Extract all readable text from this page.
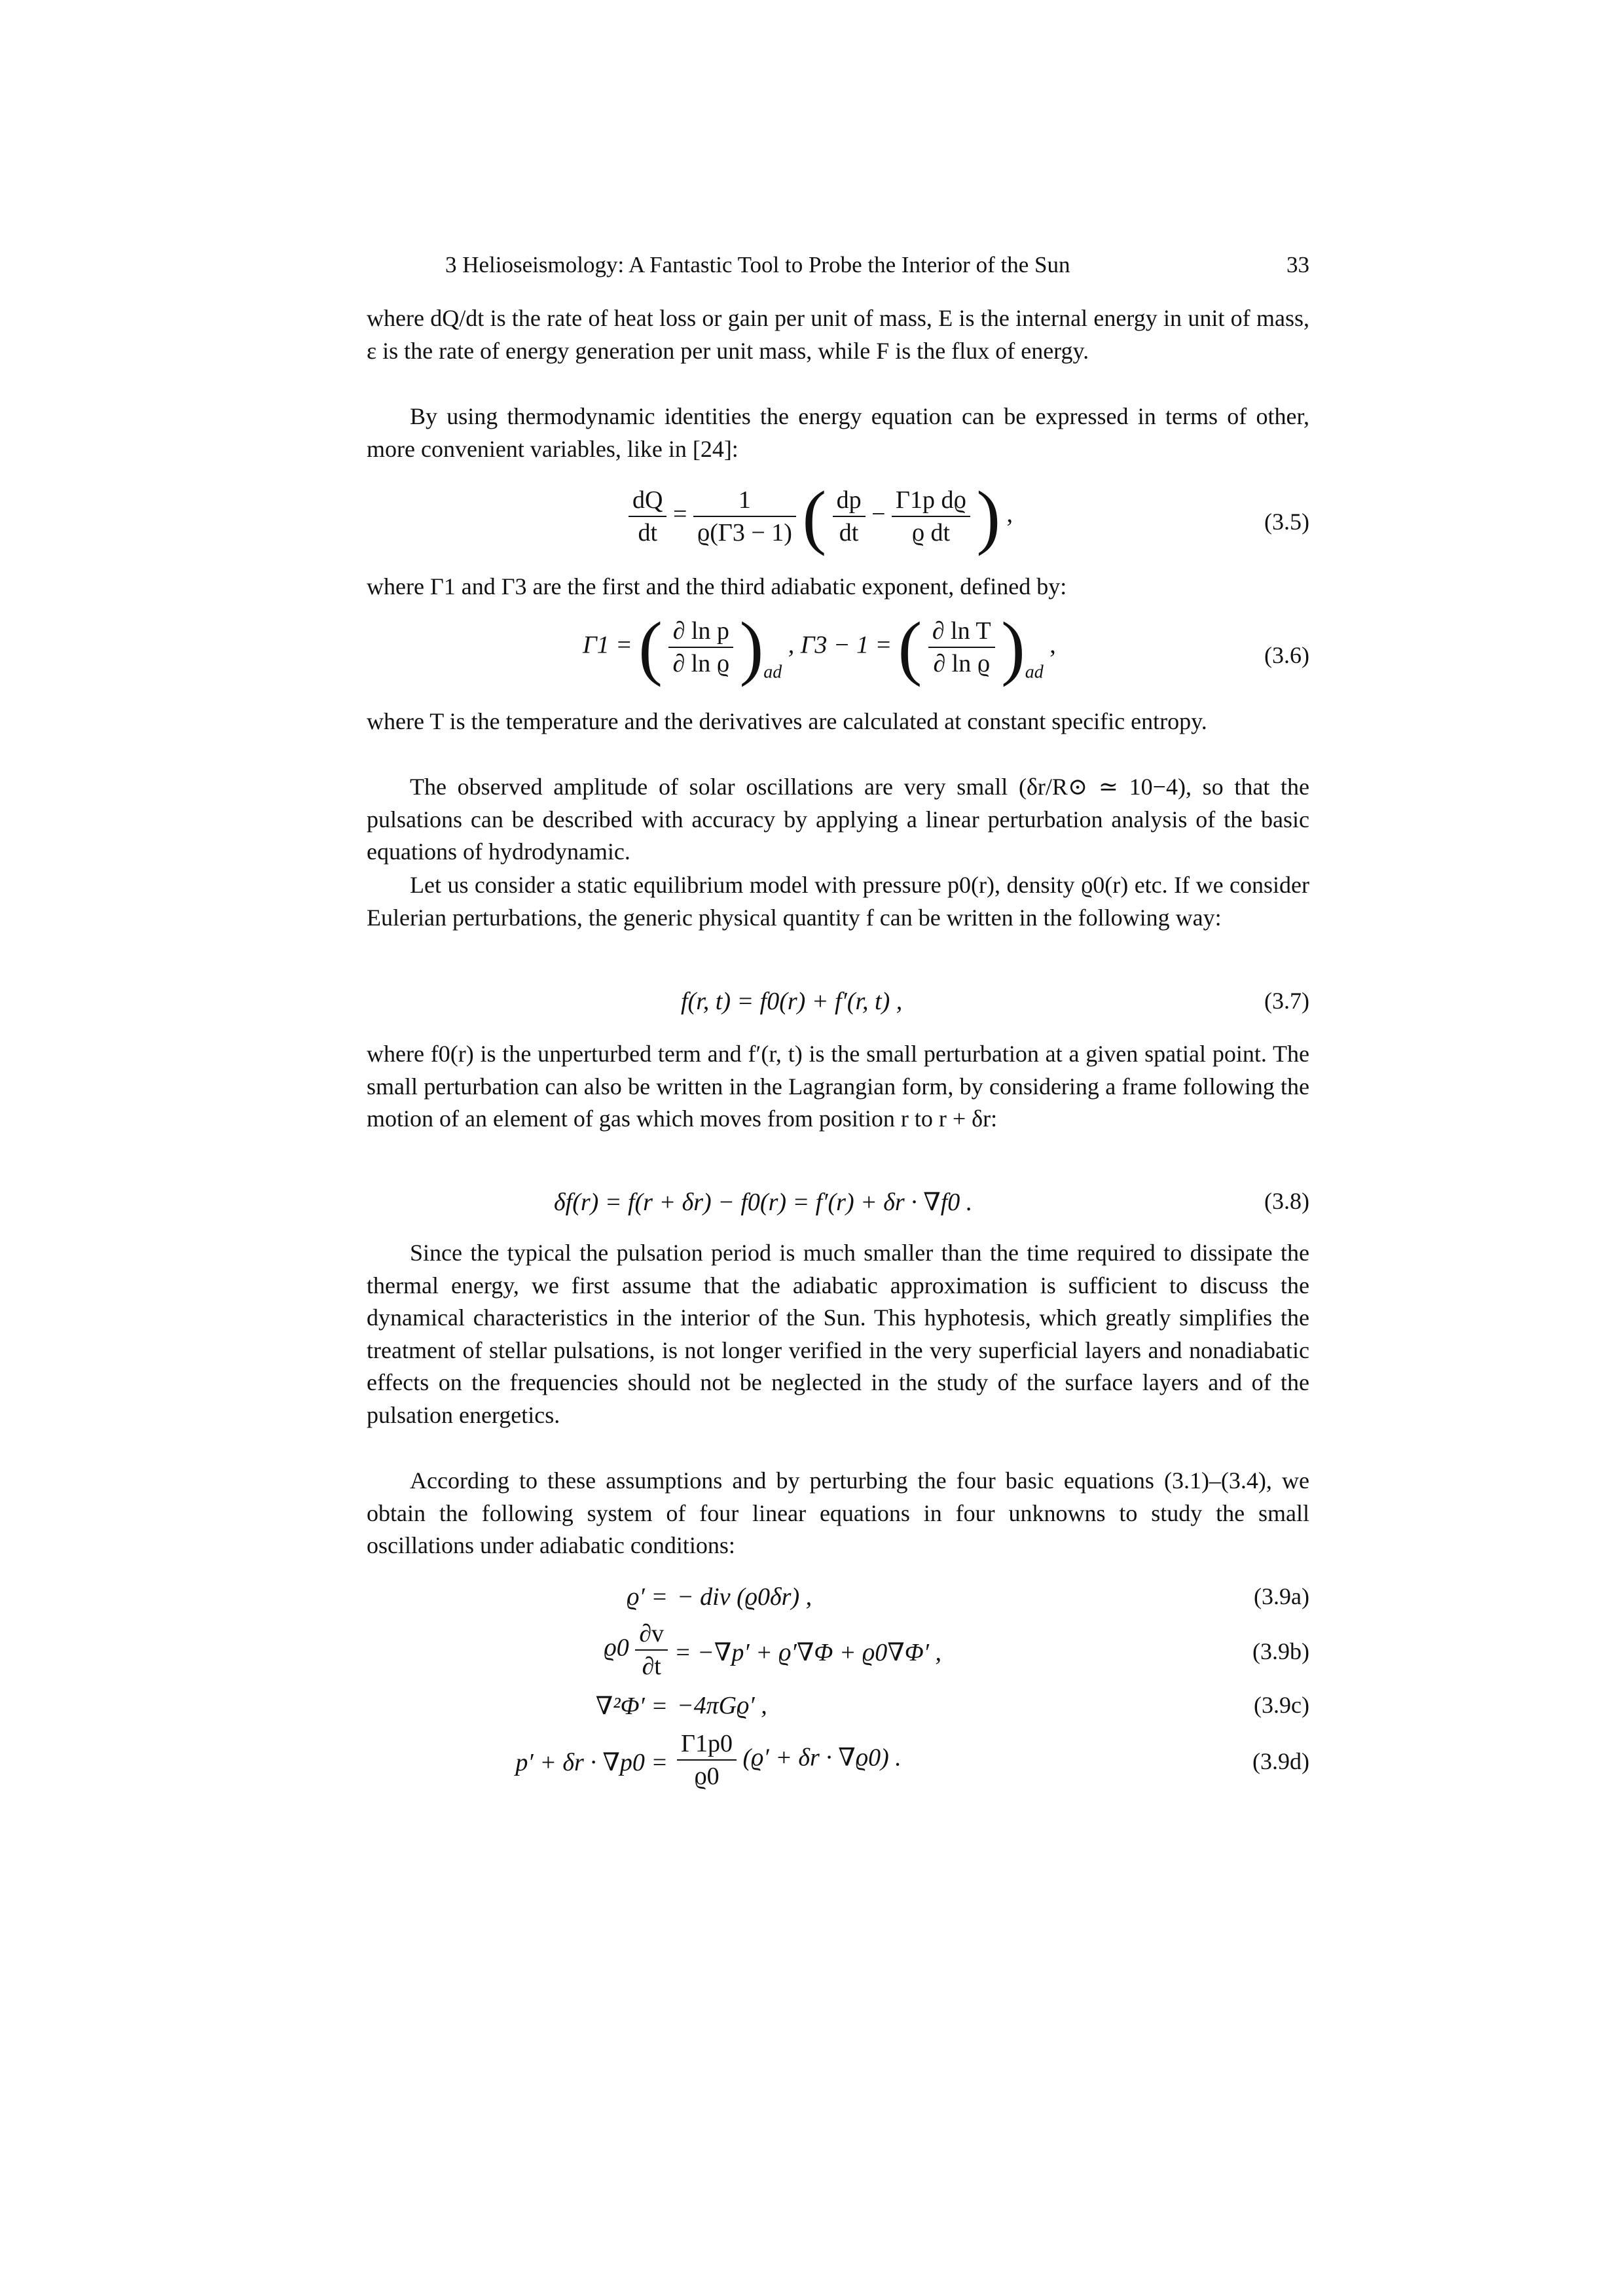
3 Helioseismology: A Fantastic Tool to Probe the Interior of the Sun	33

where dQ/dt is the rate of heat loss or gain per unit of mass, E is the internal energy in unit of mass, ε is the rate of energy generation per unit mass, while F is the flux of energy.

By using thermodynamic identities the energy equation can be expressed in terms of other, more convenient variables, like in [24]:

$\frac{dQ}{dt} = \frac{1}{ϱ(\Gamma 3 - 1)}$ ( $\frac{dp}{dt} - \frac{\text{Γ1p dϱ}}{\text{ϱ dt}}$ ) ,	(3.5)

where Γ1 and Γ3 are the first and the third adiabatic exponent, defined by:

Γ1 = ( $\frac{\text{∂ ln p}}{\text{∂ ln ϱ}} )_{ad}$ , Γ3 − 1 = ( $\frac{\text{∂ ln T}}{\text{∂ ln ϱ}} )_{ad}$ ,	(3.6)

where T is the temperature and the derivatives are calculated at constant specific entropy.

The observed amplitude of solar oscillations are very small (δr/R⊙ ≃ 10−4), so that the pulsations can be described with accuracy by applying a linear perturbation analysis of the basic equations of hydrodynamic.

Let us consider a static equilibrium model with pressure p0(r), density ϱ0(r) etc. If we consider Eulerian perturbations, the generic physical quantity f can be written in the following way:

f(r, t) = f0(r) + f′(r, t) ,	(3.7)

where f0(r) is the unperturbed term and f′(r, t) is the small perturbation at a given spatial point. The small perturbation can also be written in the Lagrangian form, by considering a frame following the motion of an element of gas which moves from position r to r + δr:

δf(r) = f(r + δr) − f0(r) = f′(r) + δr · ∇f0 .	(3.8)

Since the typical the pulsation period is much smaller than the time required to dissipate the thermal energy, we first assume that the adiabatic approximation is sufficient to discuss the dynamical characteristics in the interior of the Sun. This hyphotesis, which greatly simplifies the treatment of stellar pulsations, is not longer verified in the very superficial layers and nonadiabatic effects on the frequencies should not be neglected in the study of the surface layers and of the pulsation energetics.

According to these assumptions and by perturbing the four basic equations (3.1)–(3.4), we obtain the following system of four linear equations in four unknowns to study the small oscillations under adiabatic conditions:

ϱ′ = − div (ϱ0δr) ,	(3.9a)
$ϱ0 \frac{\partial v}{\partial t} = -\nabla p' + ϱ'\nabla\Phi + ϱ0\nabla\Phi'$ ,	(3.9b)
∇²Φ′ = −4πGϱ′ ,	(3.9c)
$p' + \delta r \cdot \nabla p0 = \frac{\Gamma 1p0}{ϱ0} (ϱ' + \delta r \cdot \nabla ϱ0)$ .	(3.9d)
